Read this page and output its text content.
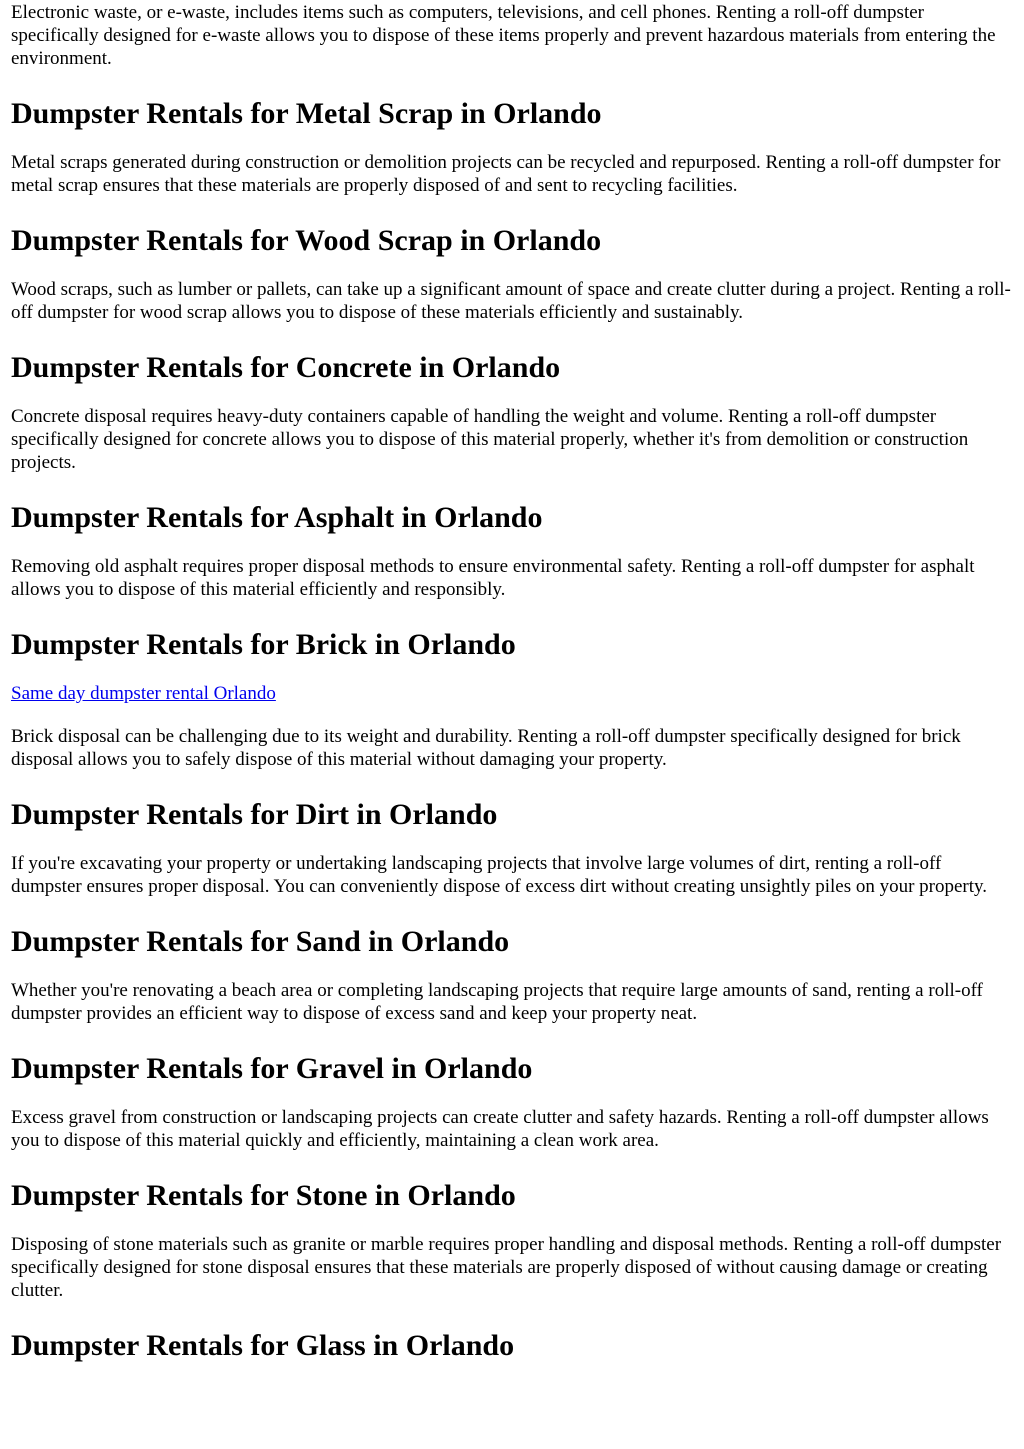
Electronic waste, or e-waste, includes items such as computers, televisions, and cell phones. Renting a roll-off dumpster specifically designed for e-waste allows you to dispose of these items properly and prevent hazardous materials from entering the environment.

Dumpster Rentals for Metal Scrap in Orlando

Metal scraps generated during construction or demolition projects can be recycled and repurposed. Renting a roll-off dumpster for metal scrap ensures that these materials are properly disposed of and sent to recycling facilities.

Dumpster Rentals for Wood Scrap in Orlando

Wood scraps, such as lumber or pallets, can take up a significant amount of space and create clutter during a project. Renting a roll-off dumpster for wood scrap allows you to dispose of these materials efficiently and sustainably.

Dumpster Rentals for Concrete in Orlando

Concrete disposal requires heavy-duty containers capable of handling the weight and volume. Renting a roll-off dumpster specifically designed for concrete allows you to dispose of this material properly, whether it's from demolition or construction projects.

Dumpster Rentals for Asphalt in Orlando

Removing old asphalt requires proper disposal methods to ensure environmental safety. Renting a roll-off dumpster for asphalt allows you to dispose of this material efficiently and responsibly.

Dumpster Rentals for Brick in Orlando

Same day dumpster rental Orlando

Brick disposal can be challenging due to its weight and durability. Renting a roll-off dumpster specifically designed for brick disposal allows you to safely dispose of this material without damaging your property.

Dumpster Rentals for Dirt in Orlando

If you're excavating your property or undertaking landscaping projects that involve large volumes of dirt, renting a roll-off dumpster ensures proper disposal. You can conveniently dispose of excess dirt without creating unsightly piles on your property.

Dumpster Rentals for Sand in Orlando

Whether you're renovating a beach area or completing landscaping projects that require large amounts of sand, renting a roll-off dumpster provides an efficient way to dispose of excess sand and keep your property neat.

Dumpster Rentals for Gravel in Orlando

Excess gravel from construction or landscaping projects can create clutter and safety hazards. Renting a roll-off dumpster allows you to dispose of this material quickly and efficiently, maintaining a clean work area.

Dumpster Rentals for Stone in Orlando

Disposing of stone materials such as granite or marble requires proper handling and disposal methods. Renting a roll-off dumpster specifically designed for stone disposal ensures that these materials are properly disposed of without causing damage or creating clutter.

Dumpster Rentals for Glass in Orlando
